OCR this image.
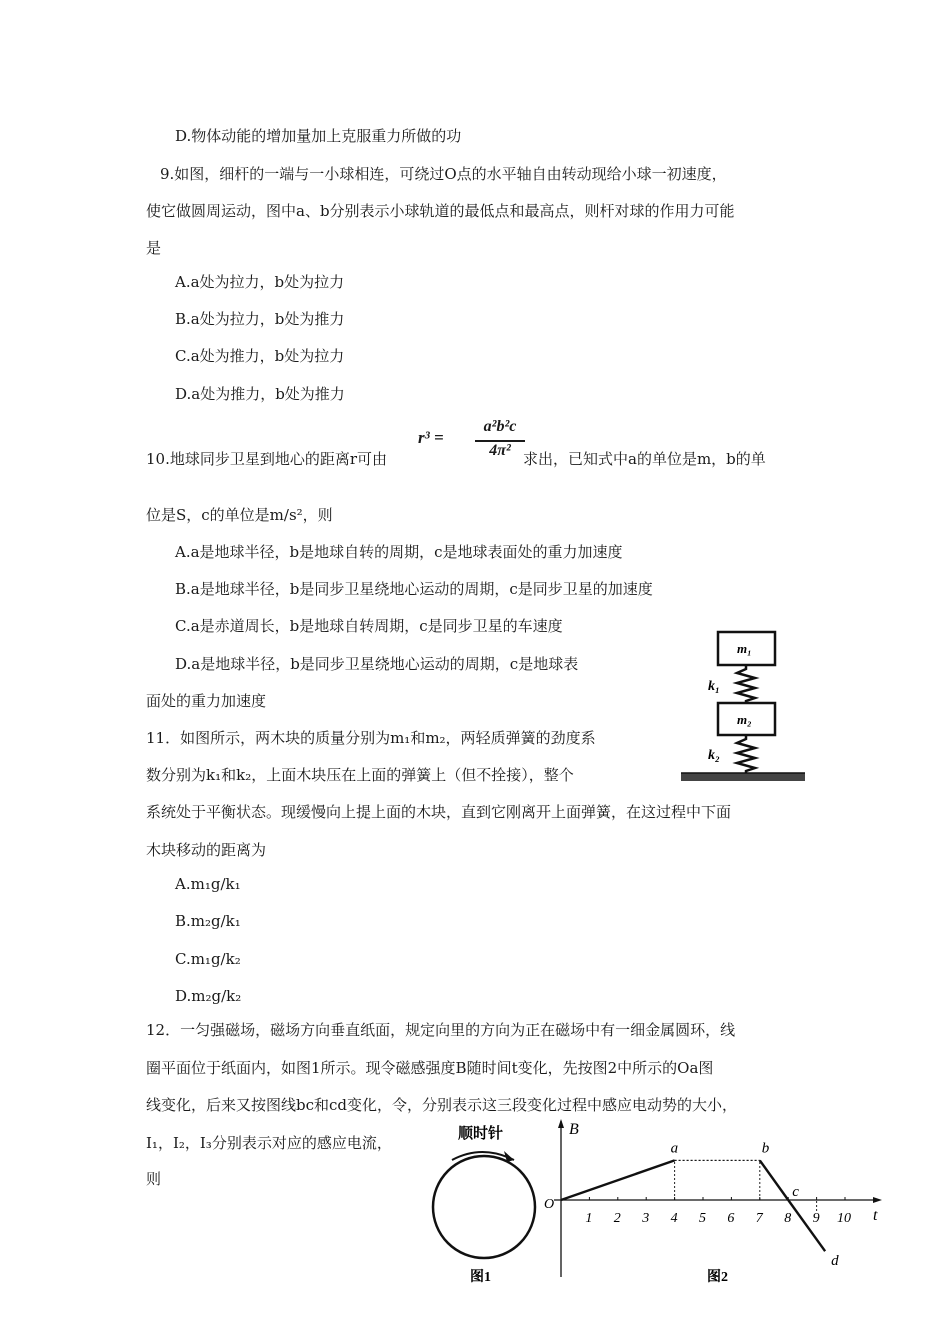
D.物体动能的增加量加上克服重力所做的功
9.如图，细杆的一端与一小球相连，可绕过O点的水平轴自由转动现给小球一初速度，
使它做圆周运动，图中a、b分别表示小球轨道的最低点和最高点，则杆对球的作用力可能
是
A.a处为拉力，b处为拉力
B.a处为拉力，b处为推力
C.a处为推力，b处为拉力
D.a处为推力，b处为推力
10.地球同步卫星到地心的距离r可由
r³ =
a²b²c
4π² 求出，已知式中a的单位是m，b的单
位是S，c的单位是m/s²，则
A.a是地球半径，b是地球自转的周期，c是地球表面处的重力加速度
B.a是地球半径，b是同步卫星绕地心运动的周期，c是同步卫星的加速度
C.a是赤道周长，b是地球自转周期，c是同步卫星的车速度
D.a是地球半径，b是同步卫星绕地心运动的周期，c是地球表
面处的重力加速度
11．如图所示，两木块的质量分别为m₁和m₂，两轻质弹簧的劲度系
数分别为k₁和k₂，上面木块压在上面的弹簧上（但不拴接），整个
系统处于平衡状态。现缓慢向上提上面的木块，直到它刚离开上面弹簧，在这过程中下面
木块移动的距离为
A.m₁g/k₁
B.m₂g/k₁
C.m₁g/k₂
D.m₂g/k₂
m₁
k₁
m₂
k₂
12．一匀强磁场，磁场方向垂直纸面，规定向里的方向为正在磁场中有一细金属圆环，线
圈平面位于纸面内，如图1所示。现令磁感强度B随时间t变化，先按图2中所示的Oa图
线变化，后来又按图线bc和cd变化，令，分别表示这三段变化过程中感应电动势的大小，
I₁，I₂，I₃分别表示对应的感应电流，
则
顺时针
图1
B
t
O
1 2 3 4 5 6 7 8 9 10
a	b
c
d
图2
